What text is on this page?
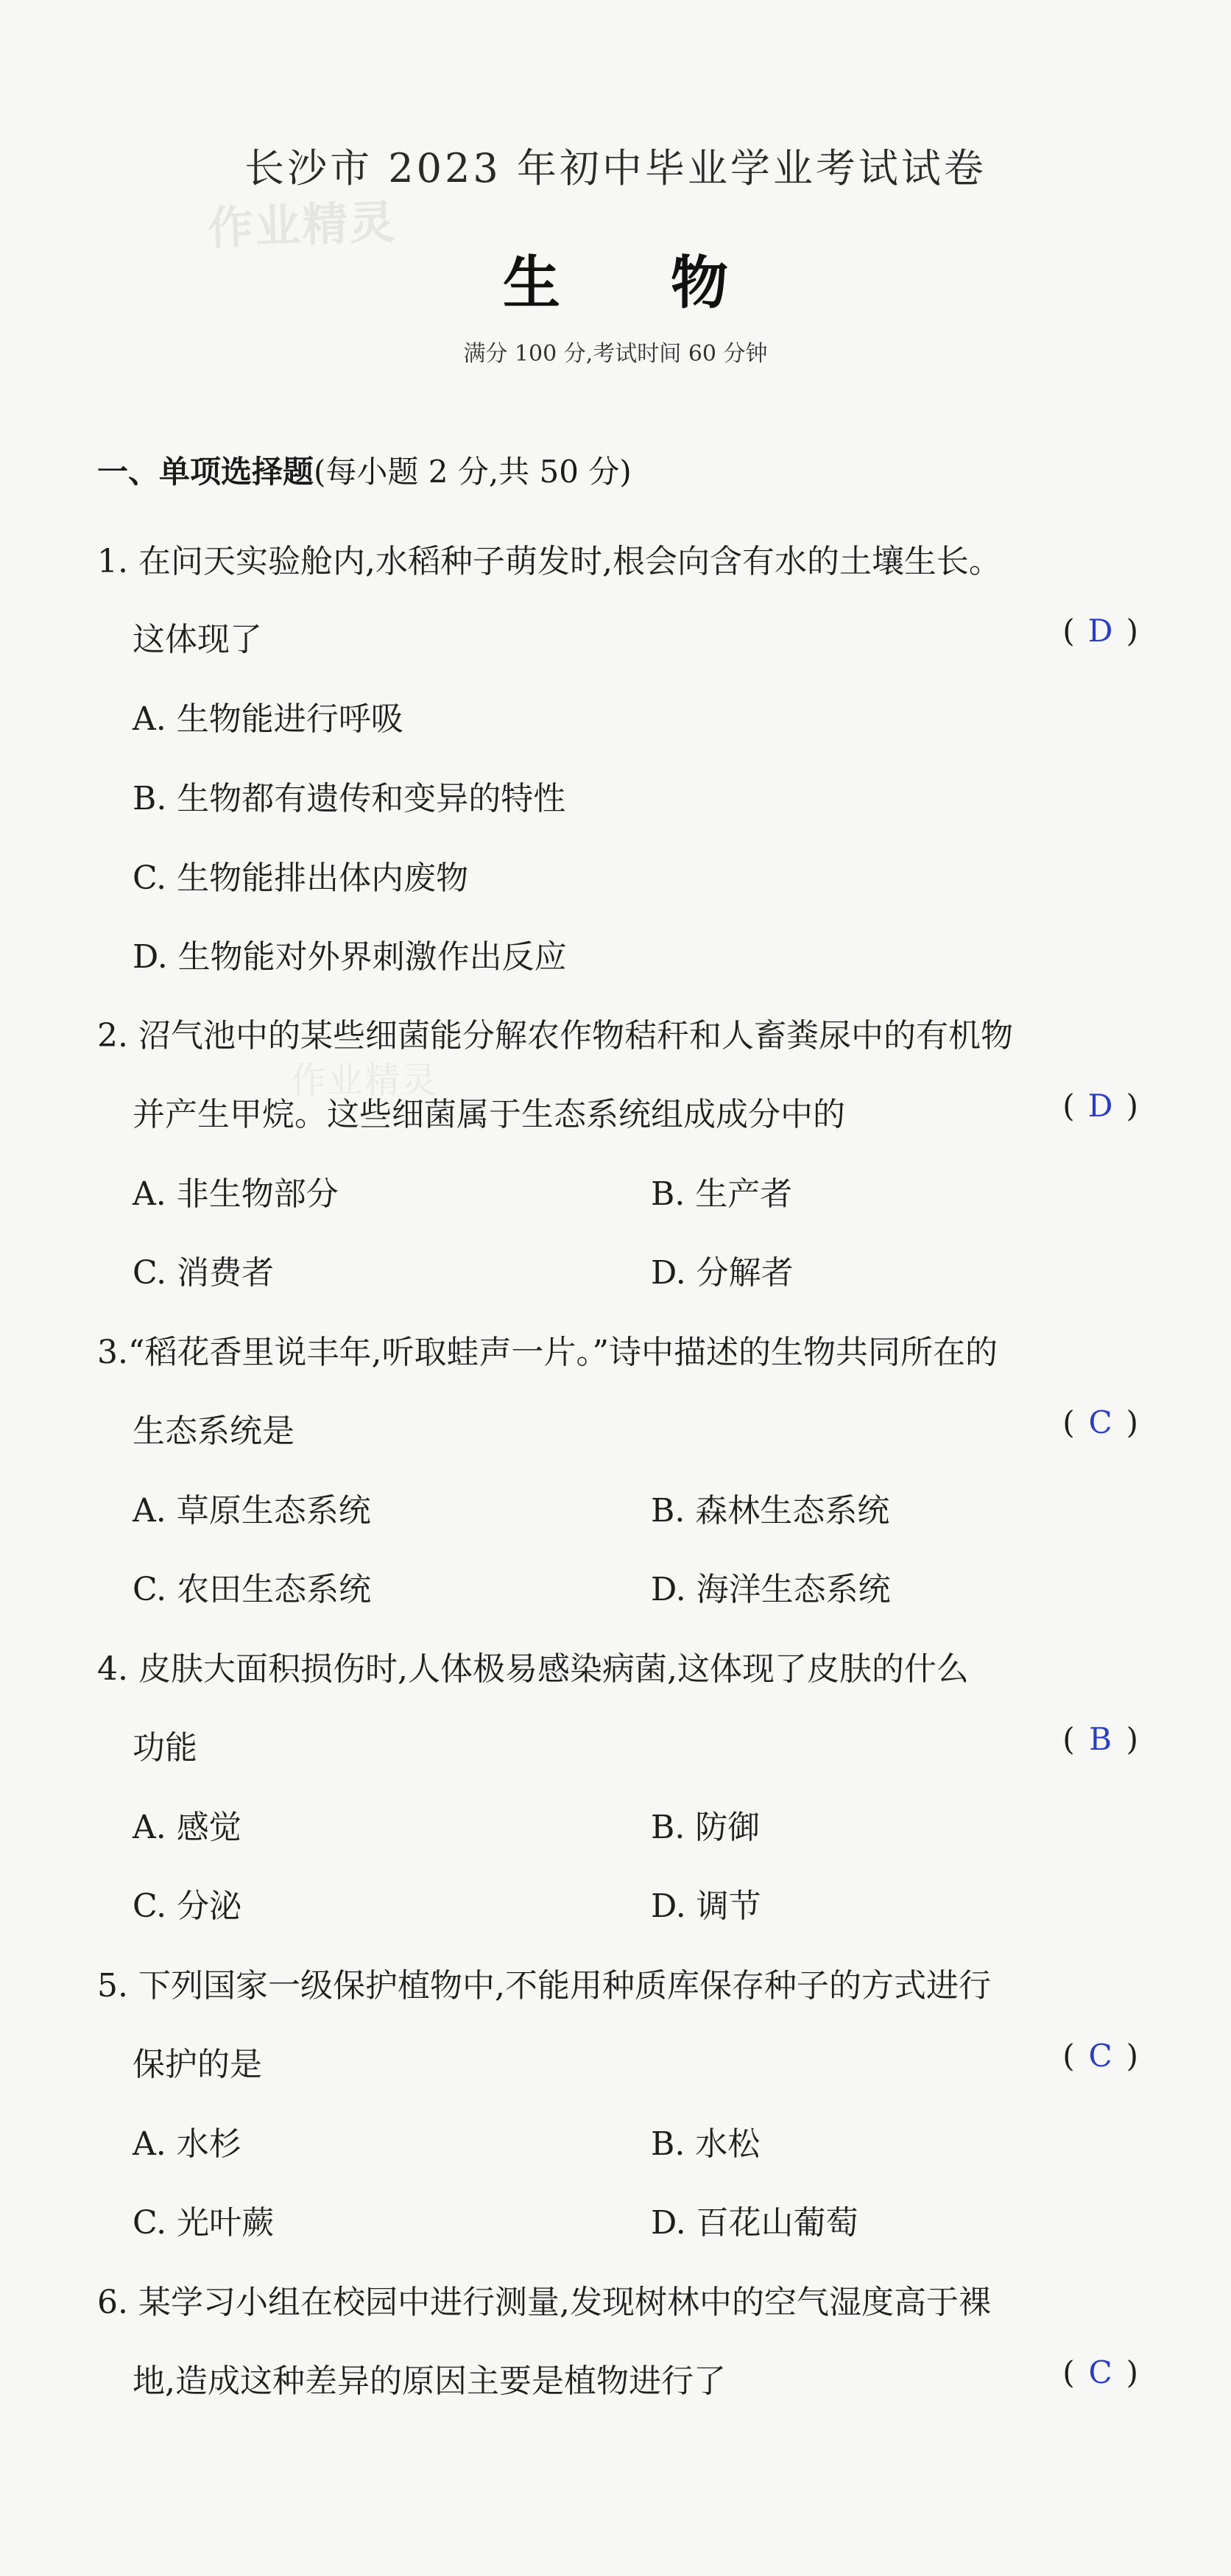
作业精灵
作业精灵
长沙市 2023 年初中毕业学业考试试卷
生物
满分 100 分,考试时间 60 分钟
一、单项选择题(每小题 2 分,共 50 分)
1. 在问天实验舱内,水稻种子萌发时,根会向含有水的土壤生长。
这体现了	( D )
A. 生物能进行呼吸
B. 生物都有遗传和变异的特性
C. 生物能排出体内废物
D. 生物能对外界刺激作出反应
2. 沼气池中的某些细菌能分解农作物秸秆和人畜粪尿中的有机物
并产生甲烷。这些细菌属于生态系统组成成分中的	( D )
A. 非生物部分	B. 生产者
C. 消费者	D. 分解者
3.“稻花香里说丰年,听取蛙声一片。”诗中描述的生物共同所在的
生态系统是	( C )
A. 草原生态系统	B. 森林生态系统
C. 农田生态系统	D. 海洋生态系统
4. 皮肤大面积损伤时,人体极易感染病菌,这体现了皮肤的什么
功能	( B )
A. 感觉	B. 防御
C. 分泌	D. 调节
5. 下列国家一级保护植物中,不能用种质库保存种子的方式进行
保护的是	( C )
A. 水杉	B. 水松
C. 光叶蕨	D. 百花山葡萄
6. 某学习小组在校园中进行测量,发现树林中的空气湿度高于裸
地,造成这种差异的原因主要是植物进行了	( C )
